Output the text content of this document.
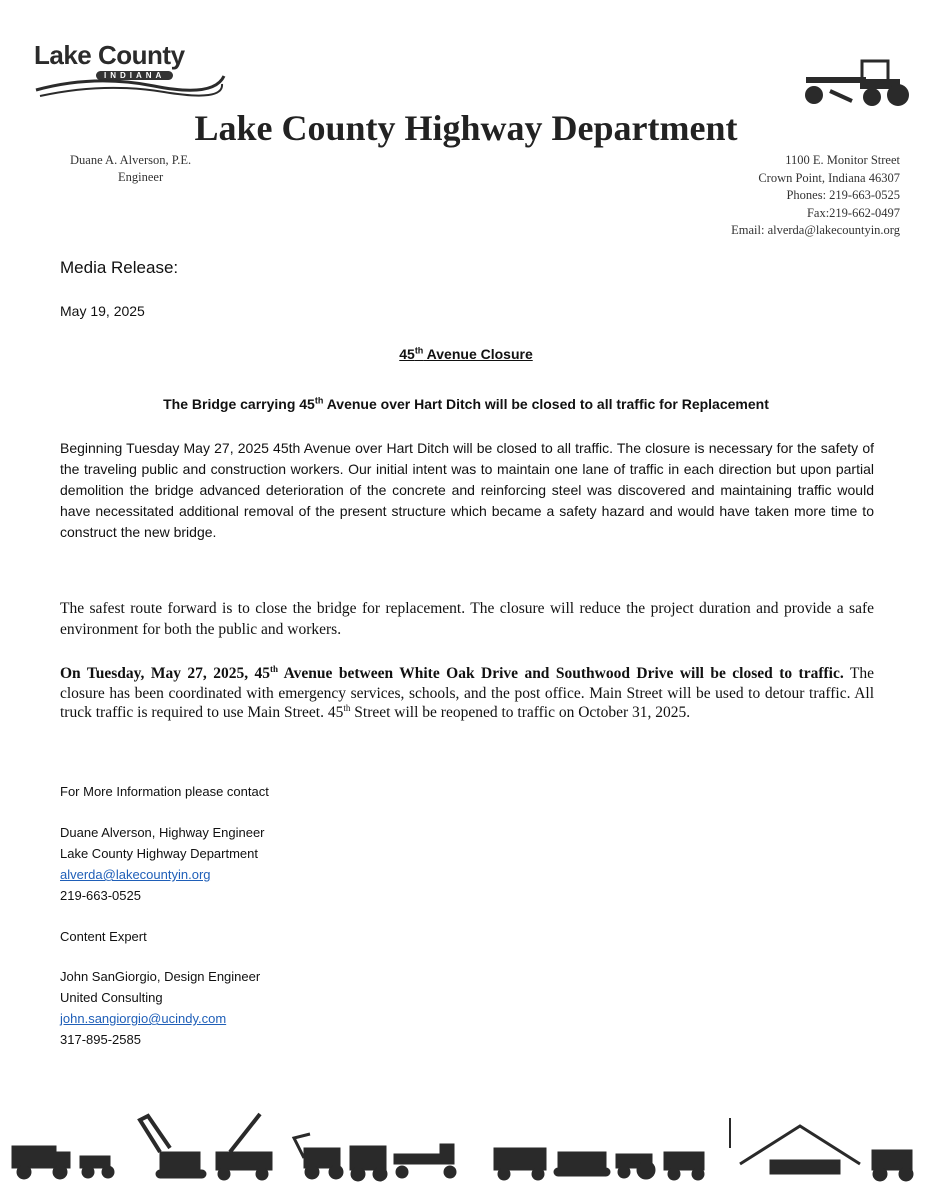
Lake County
INDIANA
Lake County Highway Department
Duane A. Alverson, P.E.
Engineer
1100 E. Monitor Street
Crown Point, Indiana 46307
Phones: 219-663-0525
Fax:219-662-0497
Email: alverda@lakecountyin.org
Media Release:
May 19, 2025
45th Avenue Closure
The Bridge carrying 45th Avenue over Hart Ditch will be closed to all traffic for Replacement
Beginning Tuesday May 27, 2025 45th Avenue over Hart Ditch will be closed to all traffic. The closure is necessary for the safety of the traveling public and construction workers. Our initial intent was to maintain one lane of traffic in each direction but upon partial demolition the bridge advanced deterioration of the concrete and reinforcing steel was discovered and maintaining traffic would have necessitated additional removal of the present structure which became a safety hazard and would have taken more time to construct the new bridge.
The safest route forward is to close the bridge for replacement. The closure will reduce the project duration and provide a safe environment for both the public and workers.
On Tuesday, May 27, 2025, 45th Avenue between White Oak Drive and Southwood Drive will be closed to traffic. The closure has been coordinated with emergency services, schools, and the post office. Main Street will be used to detour traffic. All truck traffic is required to use Main Street. 45th Street will be reopened to traffic on October 31, 2025.
For More Information please contact
Duane Alverson, Highway Engineer
Lake County Highway Department
alverda@lakecountyin.org
219-663-0525
Content Expert
John SanGiorgio, Design Engineer
United Consulting
john.sangiorgio@ucindy.com
317-895-2585
